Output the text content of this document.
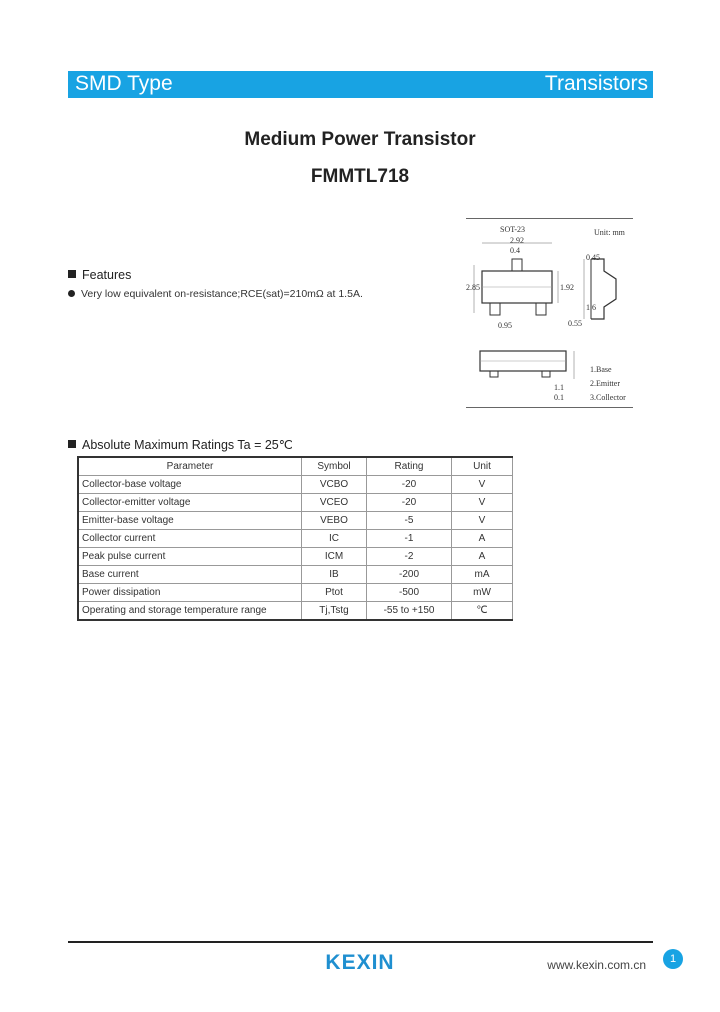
SMD Type	Transistors
Medium Power Transistor
FMMTL718
Features
Very low equivalent on-resistance;RCE(sat)=210mΩ at 1.5A.
SOT-23	Unit: mm
2.92
0.4
2.85	1.92
0.95
0.45
1.6
0.55
1.1
0.1
1.Base
2.Emitter
3.Collector
Absolute Maximum Ratings Ta = 25℃
Parameter	Symbol	Rating	Unit
Collector-base voltage	VCBO	-20	V
Collector-emitter voltage	VCEO	-20	V
Emitter-base voltage	VEBO	-5	V
Collector current	IC	-1	A
Peak pulse current	ICM	-2	A
Base current	IB	-200	mA
Power dissipation	Ptot	-500	mW
Operating and storage temperature range	Tj,Tstg	-55 to +150	℃
KEXIN	www.kexin.com.cn	1
